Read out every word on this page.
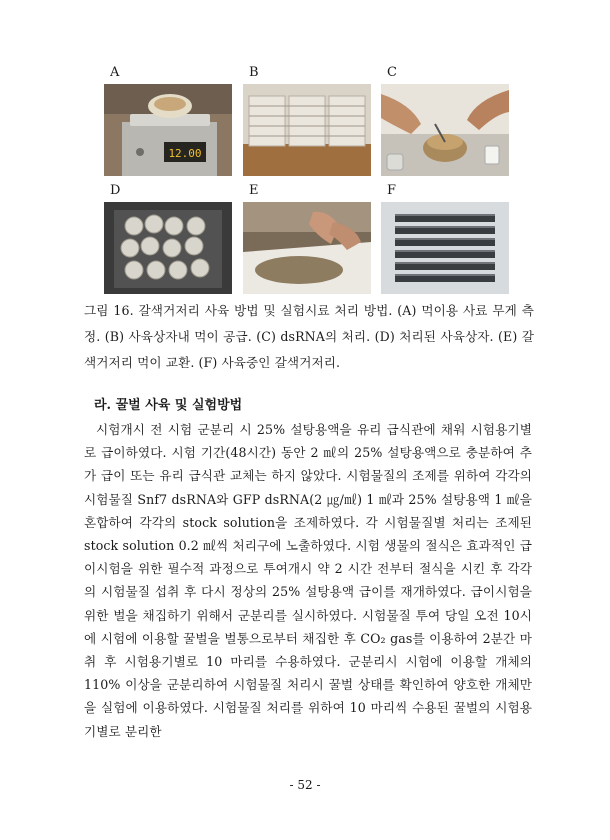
A
12.00
B	C
D	E	F
그림 16. 갈색거저리 사육 방법 및 실험시료 처리 방법. (A) 먹이용 사료 무게 측정. (B) 사육상자내 먹이 공급. (C) dsRNA의 처리. (D) 처리된 사육상자. (E) 갈색거저리 먹이 교환. (F) 사육중인 갈색거저리.
라. 꿀벌 사육 및 실험방법

시험개시 전 시험 군분리 시 25% 설탕용액을 유리 급식관에 채워 시험용기별로 급이하였다. 시험 기간(48시간) 동안 2 ㎖의 25% 설탕용액으로 충분하여 추가 급이 또는 유리 급식관 교체는 하지 않았다. 시험물질의 조제를 위하여 각각의 시험물질 Snf7 dsRNA와 GFP dsRNA(2 ㎍/㎖) 1 ㎖과 25% 설탕용액 1 ㎖을 혼합하여 각각의 stock solution을 조제하였다. 각 시험물질별 처리는 조제된 stock solution 0.2 ㎖씩 처리구에 노출하였다. 시험 생물의 절식은 효과적인 급이시험을 위한 필수적 과정으로 투여개시 약 2 시간 전부터 절식을 시킨 후 각각의 시험물질 섭취 후 다시 정상의 25% 설탕용액 급이를 재개하였다. 급이시험을 위한 벌을 채집하기 위해서 군분리를 실시하였다. 시험물질 투여 당일 오전 10시에 시험에 이용할 꿀벌을 벌통으로부터 채집한 후 CO₂ gas를 이용하여 2분간 마취 후 시험용기별로 10 마리를 수용하였다. 군분리시 시험에 이용할 개체의 110% 이상을 군분리하여 시험물질 처리시 꿀벌 상태를 확인하여 양호한 개체만을 실험에 이용하였다. 시험물질 처리를 위하여 10 마리씩 수용된 꿀벌의 시험용기별로 분리한

- 52 -
